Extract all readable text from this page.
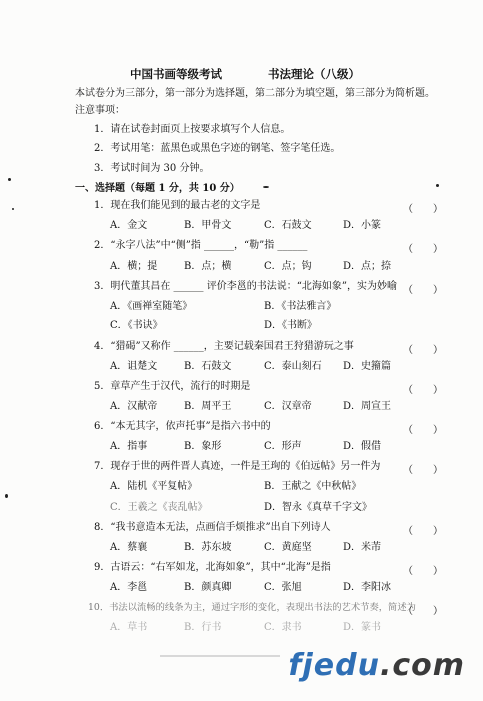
中国书画等级考试	书法理论（八级）
本试卷分为三部分，第一部分为选择题，第二部分为填空题，第三部分为简析题。
注意事项：
1．请在试卷封面页上按要求填写个人信息。
2．考试用笔：蓝黑色或黑色字迹的钢笔、签字笔任选。
3．考试时间为 30 分钟。
一、选择题（每题 1 分，共 10 分）
1．现在我们能见到的最古老的文字是	（　　）
A．金文	B．甲骨文	C．石鼓文	D．小篆
2．“永字八法”中“侧”指 ______，“勒”指 ______	（　　）
A．横；提	B．点；横	C．点；钩	D．点；捺
3．明代董其昌在 ______ 评价李邕的书法说：“北海如象”，实为妙喻 （　　）
A．《画禅室随笔》	B．《书法雅言》
C．《书诀》	D．《书断》
4．“猎碣”又称作 ______，主要记载秦国君王狩猎游玩之事	（　　）
A．诅楚文	B．石鼓文	C．泰山刻石 D．史籀篇
5．章草产生于汉代，流行的时期是	（　　）
A．汉献帝	B．周平王	C．汉章帝	D．周宣王
6．“本无其字，依声托事”是指六书中的	（　　）
A．指事	B．象形	C．形声	D．假借
7．现存于世的两件晋人真迹，一件是王珣的《伯远帖》另一件为 （　　）
A．陆机《平复帖》	B．王献之《中秋帖》
C．王羲之《丧乱帖》	D．智永《真草千字文》
8．“我书意造本无法，点画信手烦推求”出自下列诗人	（　　）
A．蔡襄	B．苏东坡	C．黄庭坚	D．米芾
9．古语云：“右军如龙，北海如象”，其中“北海”是指	（　　）
A．李邕	B．颜真卿	C．张旭	D．李阳冰
10．书法以流畅的线条为主，通过字形的变化，表现出书法的艺术节奏，简述为
（　　）
A．草书	B．行书	C．隶书	D．篆书
fjedu.com
